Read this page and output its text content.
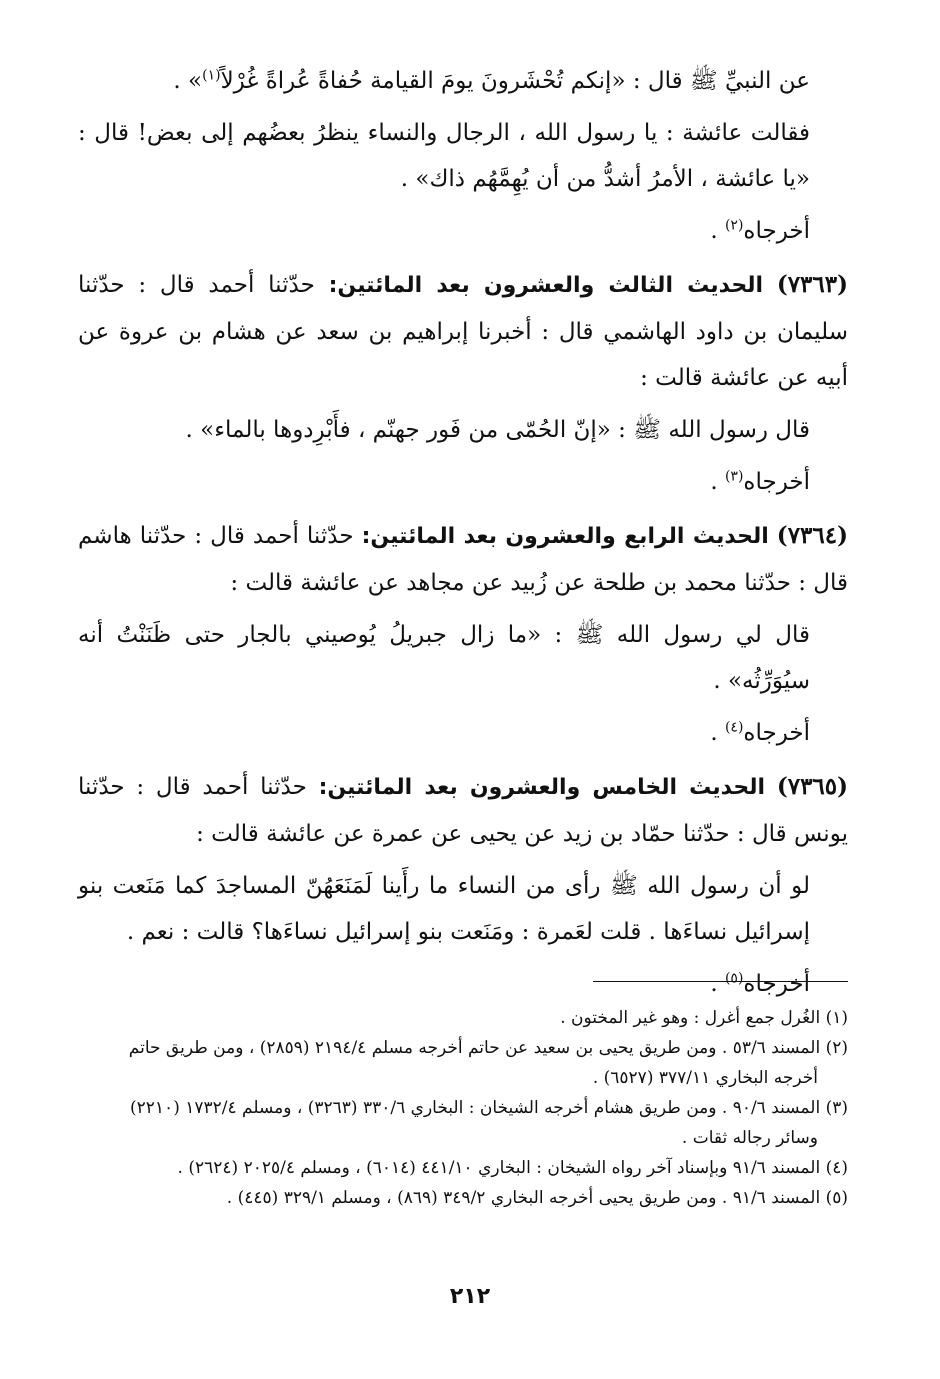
عن النبيِّ ﷺ قال : «إنكم تُحْشَرونَ يومَ القيامة حُفاةً عُراةً غُرْلاً$^{(١)}$» .

فقالت عائشة : يا رسول الله ، الرجال والنساء ينظرُ بعضُهم إلى بعض! قال : «يا عائشة ، الأمرُ أشدُّ من أن يُهِمَّهُم ذاك» .

أخرجاه$^{(٢)}$ .

(٧٣٦٣) الحديث الثالث والعشرون بعد المائتين: حدّثنا أحمد قال : حدّثنا سليمان بن داود الهاشمي قال : أخبرنا إبراهيم بن سعد عن هشام بن عروة عن أبيه عن عائشة قالت :

قال رسول الله ﷺ : «إنّ الحُمّى من فَور جهنّم ، فأَبْرِدوها بالماء» .

أخرجاه$^{(٣)}$ .

(٧٣٦٤) الحديث الرابع والعشرون بعد المائتين: حدّثنا أحمد قال : حدّثنا هاشم قال : حدّثنا محمد بن طلحة عن زُبيد عن مجاهد عن عائشة قالت :

قال لي رسول الله ﷺ : «ما زال جبريلُ يُوصيني بالجار حتى ظَنَنْتُ أنه سيُوَرِّثُه» .

أخرجاه$^{(٤)}$ .

(٧٣٦٥) الحديث الخامس والعشرون بعد المائتين: حدّثنا أحمد قال : حدّثنا يونس قال : حدّثنا حمّاد بن زيد عن يحيى عن عمرة عن عائشة قالت :

لو أن رسول الله ﷺ رأى من النساء ما رأَينا لَمَنَعَهُنّ المساجدَ كما مَنَعت بنو إسرائيل نساءَها . قلت لعَمرة : ومَنَعت بنو إسرائيل نساءَها؟ قالت : نعم .

أخرجاه$^{(٥)}$ .

(١) الغُرل جمع أغرل : وهو غير المختون .

(٢) المسند ٥٣/٦ . ومن طريق يحيى بن سعيد عن حاتم أخرجه مسلم ٢١٩٤/٤ (٢٨٥٩) ، ومن طريق حاتم

أخرجه البخاري ٣٧٧/١١ (٦٥٢٧) .

(٣) المسند ٩٠/٦ . ومن طريق هشام أخرجه الشيخان : البخاري ٣٣٠/٦ (٣٢٦٣) ، ومسلم ١٧٣٢/٤ (٢٢١٠)

وسائر رجاله ثقات .

(٤) المسند ٩١/٦ وبإسناد آخر رواه الشيخان : البخاري ٤٤١/١٠ (٦٠١٤) ، ومسلم ٢٠٢٥/٤ (٢٦٢٤) .

(٥) المسند ٩١/٦ . ومن طريق يحيى أخرجه البخاري ٣٤٩/٢ (٨٦٩) ، ومسلم ٣٢٩/١ (٤٤٥) .

٢١٢
